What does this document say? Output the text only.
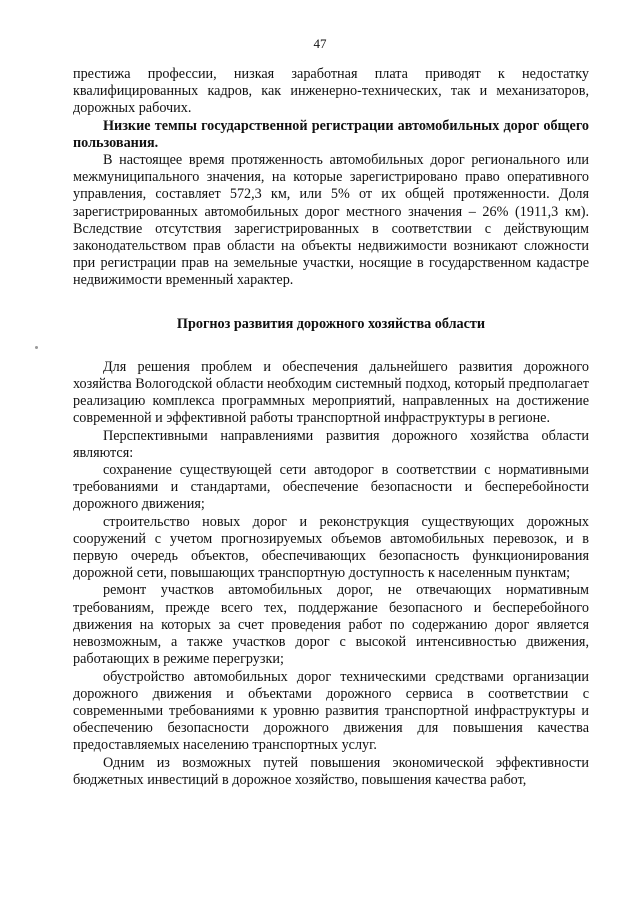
47

престижа профессии, низкая заработная плата приводят к недостатку квалифицированных кадров, как инженерно-технических, так и механизаторов, дорожных рабочих.

Низкие темпы государственной регистрации автомобильных дорог общего пользования.

В настоящее время протяженность автомобильных дорог регионального или межмуниципального значения, на которые зарегистрировано право оперативного управления, составляет 572,3 км, или 5% от их общей протяженности. Доля зарегистрированных автомобильных дорог местного значения – 26% (1911,3 км). Вследствие отсутствия зарегистрированных в соответствии с действующим законодательством прав области на объекты недвижимости возникают сложности при регистрации прав на земельные участки, носящие в государственном кадастре недвижимости временный характер.

Прогноз развития дорожного хозяйства области

Для решения проблем и обеспечения дальнейшего развития дорожного хозяйства Вологодской области необходим системный подход, который предполагает реализацию комплекса программных мероприятий, направленных на достижение современной и эффективной работы транспортной инфраструктуры в регионе.

Перспективными направлениями развития дорожного хозяйства области являются:

сохранение существующей сети автодорог в соответствии с нормативными требованиями и стандартами, обеспечение безопасности и бесперебойности дорожного движения;

строительство новых дорог и реконструкция существующих дорожных сооружений с учетом прогнозируемых объемов автомобильных перевозок, и в первую очередь объектов, обеспечивающих безопасность функционирования дорожной сети, повышающих транспортную доступность к населенным пунктам;

ремонт участков автомобильных дорог, не отвечающих нормативным требованиям, прежде всего тех, поддержание безопасного и бесперебойного движения на которых за счет проведения работ по содержанию дорог является невозможным, а также участков дорог с высокой интенсивностью движения, работающих в режиме перегрузки;

обустройство автомобильных дорог техническими средствами организации дорожного движения и объектами дорожного сервиса в соответствии с современными требованиями к уровню развития транспортной инфраструктуры и обеспечению безопасности дорожного движения для повышения качества предоставляемых населению транспортных услуг.

Одним из возможных путей повышения экономической эффективности бюджетных инвестиций в дорожное хозяйство, повышения качества работ,
